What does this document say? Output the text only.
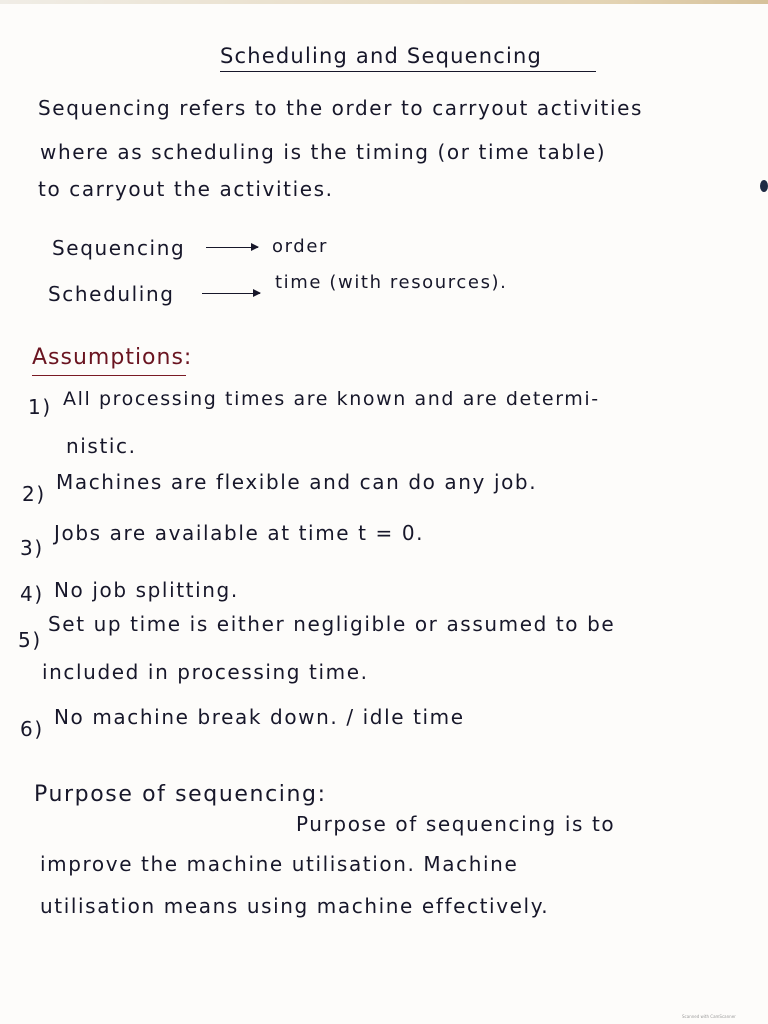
Scheduling and Sequencing
Sequencing refers to the order to carryout activities
where as scheduling is the timing (or time table)
to carryout the activities.
Sequencing	order
Scheduling	time (with resources).
Assumptions:
1) All processing times are known and are determi-
nistic.
2) Machines are flexible and can do any job.
3)
Jobs are available at time t = 0.
4) No job splitting.
5)
Set up time is either negligible or assumed to be
included in processing time.
6) No machine break down. / idle time
Purpose of sequencing:
Purpose of sequencing is to
improve the machine utilisation. Machine
utilisation means using machine effectively.
Scanned with CamScanner
